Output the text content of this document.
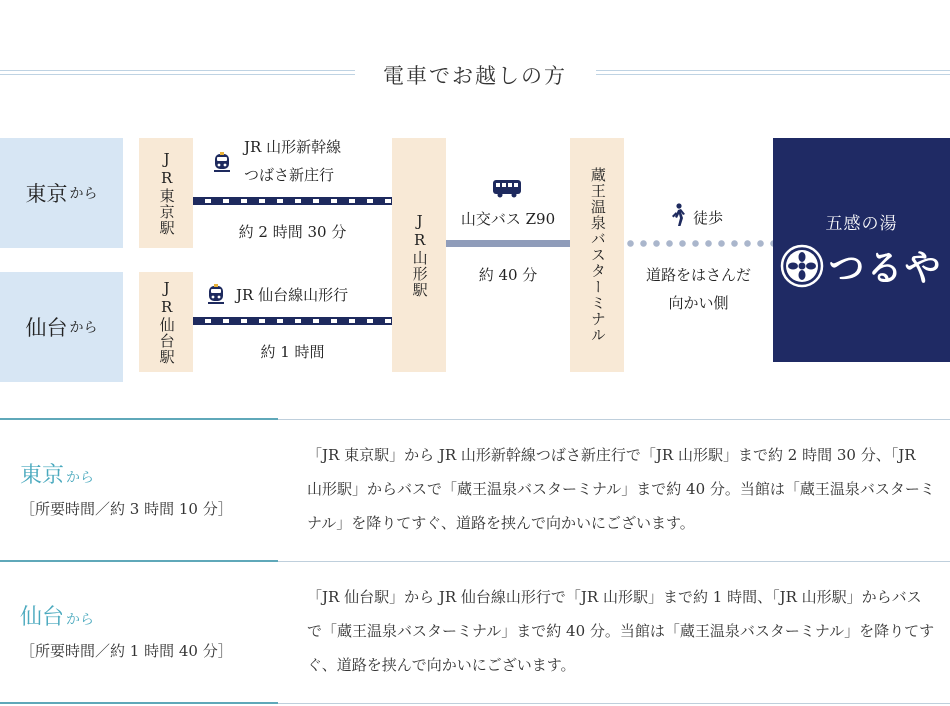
電車でお越しの方
東京 から
仙台 から
JR東京駅
JR仙台駅
JR 山形新幹線
つばさ新庄行
約 2 時間 30 分
JR 仙台線山形行
約 1 時間
JR山形駅	山交バス Z90
約 40 分	蔵王温泉バスターミナル	徒歩
道路をはさんだ
向かい側
五感の湯
つるや
東京 から
［所要時間／約 3 時間 10 分］
「JR 東京駅」から JR 山形新幹線つばさ新庄行で「JR 山形駅」まで約 2 時間 30 分、「JR 山形駅」からバスで「蔵王温泉バスターミナル」まで約 40 分。当館は「蔵王温泉バスターミナル」を降りてすぐ、道路を挟んで向かいにございます。
仙台 から
［所要時間／約 1 時間 40 分］
「JR 仙台駅」から JR 仙台線山形行で「JR 山形駅」まで約 1 時間、「JR 山形駅」からバスで「蔵王温泉バスターミナル」まで約 40 分。当館は「蔵王温泉バスターミナル」を降りてすぐ、道路を挟んで向かいにございます。
